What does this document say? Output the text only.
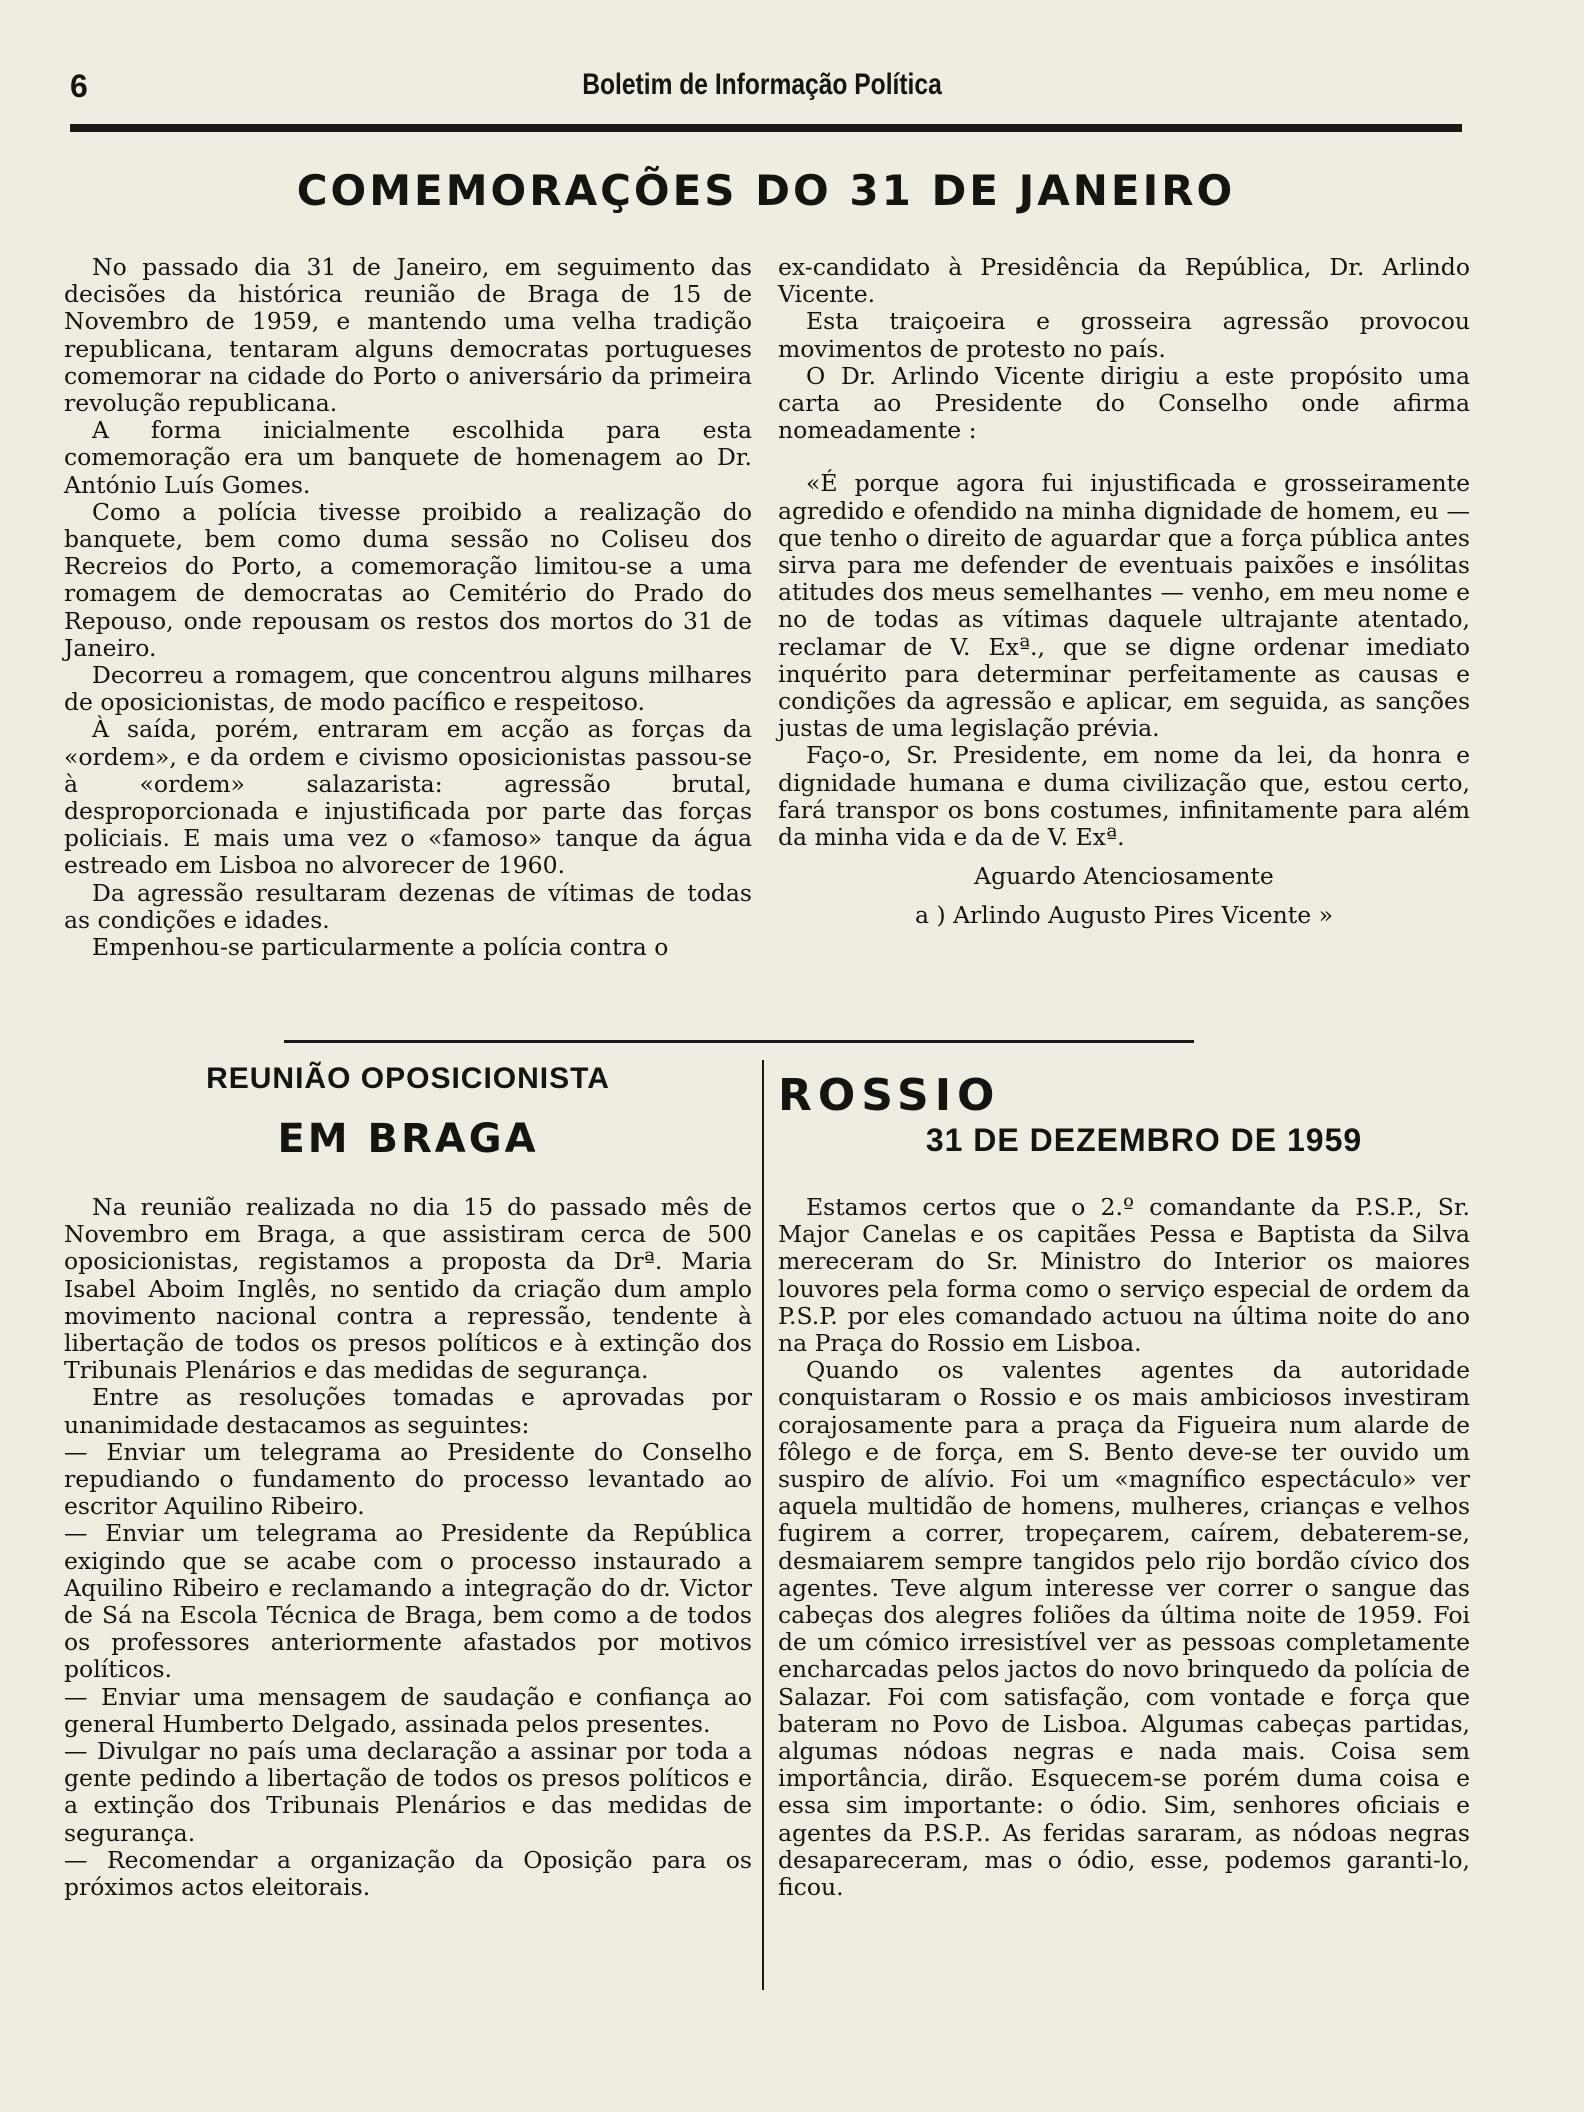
6	Boletim de Informação Política
COMEMORAÇÕES DO 31 DE JANEIRO

No passado dia 31 de Janeiro, em seguimento das decisões da histórica reunião de Braga de 15 de Novembro de 1959, e mantendo uma velha tradição republicana, tentaram alguns democratas portugueses comemorar na cidade do Porto o aniversário da primeira revolução republicana.

A forma inicialmente escolhida para esta comemoração era um banquete de homenagem ao Dr. António Luís Gomes.

Como a polícia tivesse proibido a realização do banquete, bem como duma sessão no Coliseu dos Recreios do Porto, a comemoração limitou-se a uma romagem de democratas ao Cemitério do Prado do Repouso, onde repousam os restos dos mortos do 31 de Janeiro.

Decorreu a romagem, que concentrou alguns milhares de oposicionistas, de modo pacífico e respeitoso.

À saída, porém, entraram em acção as forças da «ordem», e da ordem e civismo oposicionistas passou-se à «ordem» salazarista: agressão brutal, desproporcionada e injustificada por parte das forças policiais. E mais uma vez o «famoso» tanque da água estreado em Lisboa no alvorecer de 1960.

Da agressão resultaram dezenas de vítimas de todas as condições e idades.

Empenhou-se particularmente a polícia contra o

ex-candidato à Presidência da República, Dr. Arlindo Vicente.

Esta traiçoeira e grosseira agressão provocou movimentos de protesto no país.

O Dr. Arlindo Vicente dirigiu a este propósito uma carta ao Presidente do Conselho onde afirma nomeadamente :

«É porque agora fui injustificada e grosseiramente agredido e ofendido na minha dignidade de homem, eu — que tenho o direito de aguardar que a força pública antes sirva para me defender de eventuais paixões e insólitas atitudes dos meus semelhantes — venho, em meu nome e no de todas as vítimas daquele ultrajante atentado, reclamar de V. Exª., que se digne ordenar imediato inquérito para determinar perfeitamente as causas e condições da agressão e aplicar, em seguida, as sanções justas de uma legislação prévia.

Faço-o, Sr. Presidente, em nome da lei, da honra e dignidade humana e duma civilização que, estou certo, fará transpor os bons costumes, infinitamente para além da minha vida e da de V. Exª.

Aguardo Atenciosamente

a ) Arlindo Augusto Pires Vicente »

REUNIÃO OPOSICIONISTA
EM BRAGA

Na reunião realizada no dia 15 do passado mês de Novembro em Braga, a que assistiram cerca de 500 oposicionistas, registamos a proposta da Drª. Maria Isabel Aboim Inglês, no sentido da criação dum amplo movimento nacional contra a repressão, tendente à libertação de todos os presos políticos e à extinção dos Tribunais Plenários e das medidas de segurança.

Entre as resoluções tomadas e aprovadas por unanimidade destacamos as seguintes:

— Enviar um telegrama ao Presidente do Conselho repudiando o fundamento do processo levantado ao escritor Aquilino Ribeiro.

— Enviar um telegrama ao Presidente da República exigindo que se acabe com o processo instaurado a Aquilino Ribeiro e reclamando a integração do dr. Victor de Sá na Escola Técnica de Braga, bem como a de todos os professores anteriormente afastados por motivos políticos.

— Enviar uma mensagem de saudação e confiança ao general Humberto Delgado, assinada pelos presentes.

— Divulgar no país uma declaração a assinar por toda a gente pedindo a libertação de todos os presos políticos e a extinção dos Tribunais Plenários e das medidas de segurança.

— Recomendar a organização da Oposição para os próximos actos eleitorais.

ROSSIO
31 DE DEZEMBRO DE 1959

Estamos certos que o 2.º comandante da P.S.P., Sr. Major Canelas e os capitães Pessa e Baptista da Silva mereceram do Sr. Ministro do Interior os maiores louvores pela forma como o serviço especial de ordem da P.S.P. por eles comandado actuou na última noite do ano na Praça do Rossio em Lisboa.

Quando os valentes agentes da autoridade conquistaram o Rossio e os mais ambiciosos investiram corajosamente para a praça da Figueira num alarde de fôlego e de força, em S. Bento deve-se ter ouvido um suspiro de alívio. Foi um «magnífico espectáculo» ver aquela multidão de homens, mulheres, crianças e velhos fugirem a correr, tropeçarem, caírem, debaterem-se, desmaiarem sempre tangidos pelo rijo bordão cívico dos agentes. Teve algum interesse ver correr o sangue das cabeças dos alegres foliões da última noite de 1959. Foi de um cómico irresistível ver as pessoas completamente encharcadas pelos jactos do novo brinquedo da polícia de Salazar. Foi com satisfação, com vontade e força que bateram no Povo de Lisboa. Algumas cabeças partidas, algumas nódoas negras e nada mais. Coisa sem importância, dirão. Esquecem-se porém duma coisa e essa sim importante: o ódio. Sim, senhores oficiais e agentes da P.S.P.. As feridas sararam, as nódoas negras desapareceram, mas o ódio, esse, podemos garanti-lo, ficou.
